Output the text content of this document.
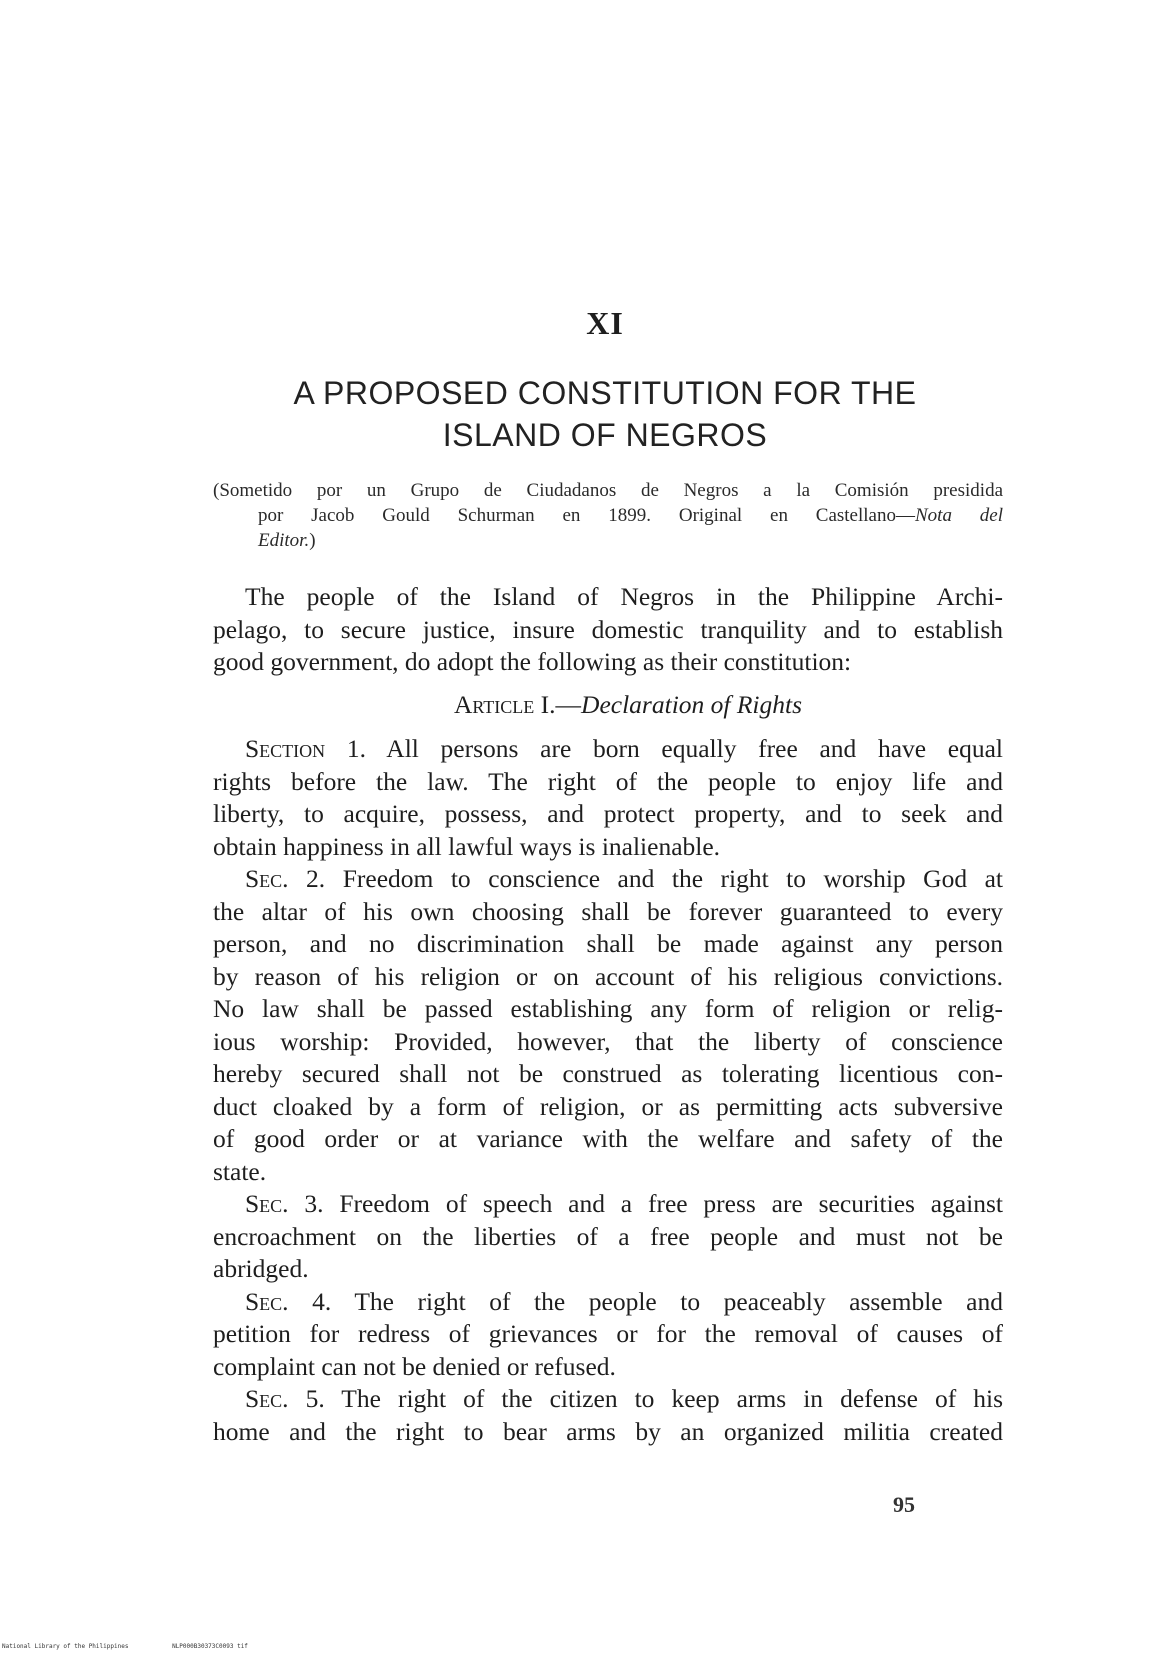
XI
A PROPOSED CONSTITUTION FOR THE
ISLAND OF NEGROS
(Sometido por un Grupo de Ciudadanos de Negros a la Comisión presidida
por Jacob Gould Schurman en 1899. Original en Castellano—Nota del
Editor.)
The people of the Island of Negros in the Philippine Archi-
pelago, to secure justice, insure domestic tranquility and to establish
good government, do adopt the following as their constitution:
Article I.—Declaration of Rights
Section 1. All persons are born equally free and have equal
rights before the law. The right of the people to enjoy life and
liberty, to acquire, possess, and protect property, and to seek and
obtain happiness in all lawful ways is inalienable.
Sec. 2. Freedom to conscience and the right to worship God at
the altar of his own choosing shall be forever guaranteed to every
person, and no discrimination shall be made against any person
by reason of his religion or on account of his religious convictions.
No law shall be passed establishing any form of religion or relig-
ious worship: Provided, however, that the liberty of conscience
hereby secured shall not be construed as tolerating licentious con-
duct cloaked by a form of religion, or as permitting acts subversive
of good order or at variance with the welfare and safety of the
state.
Sec. 3. Freedom of speech and a free press are securities against
encroachment on the liberties of a free people and must not be
abridged.
Sec. 4. The right of the people to peaceably assemble and
petition for redress of grievances or for the removal of causes of
complaint can not be denied or refused.
Sec. 5. The right of the citizen to keep arms in defense of his
home and the right to bear arms by an organized militia created
95
National Library of the Philippines	NLP000B30373C0093 tif
